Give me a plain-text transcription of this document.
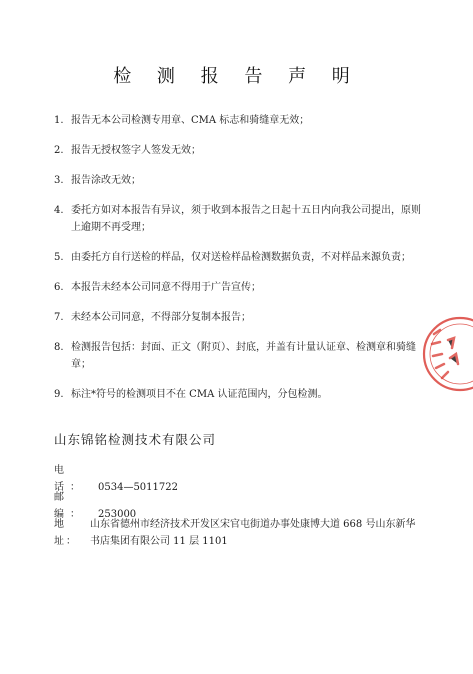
检 测 报 告 声 明
1. 报告无本公司检测专用章、CMA 标志和骑缝章无效；
2. 报告无授权签字人签发无效；
3. 报告涂改无效；
4. 委托方如对本报告有异议，须于收到本报告之日起十五日内向我公司提出，原则上逾期不再受理；
5. 由委托方自行送检的样品，仅对送检样品检测数据负责，不对样品来源负责；
6. 本报告未经本公司同意不得用于广告宣传；
7. 未经本公司同意，不得部分复制本报告；
8. 检测报告包括：封面、正文（附页）、封底，并盖有计量认证章、检测章和骑缝章；
9. 标注*符号的检测项目不在 CMA 认证范围内，分包检测。
山东锦铭检测技术有限公司
电 话： 0534—5011722
邮 编： 253000
地 址：
山东省德州市经济技术开发区宋官屯街道办事处康博大道 668 号山东新华书店集团有限公司 11 层 1101
